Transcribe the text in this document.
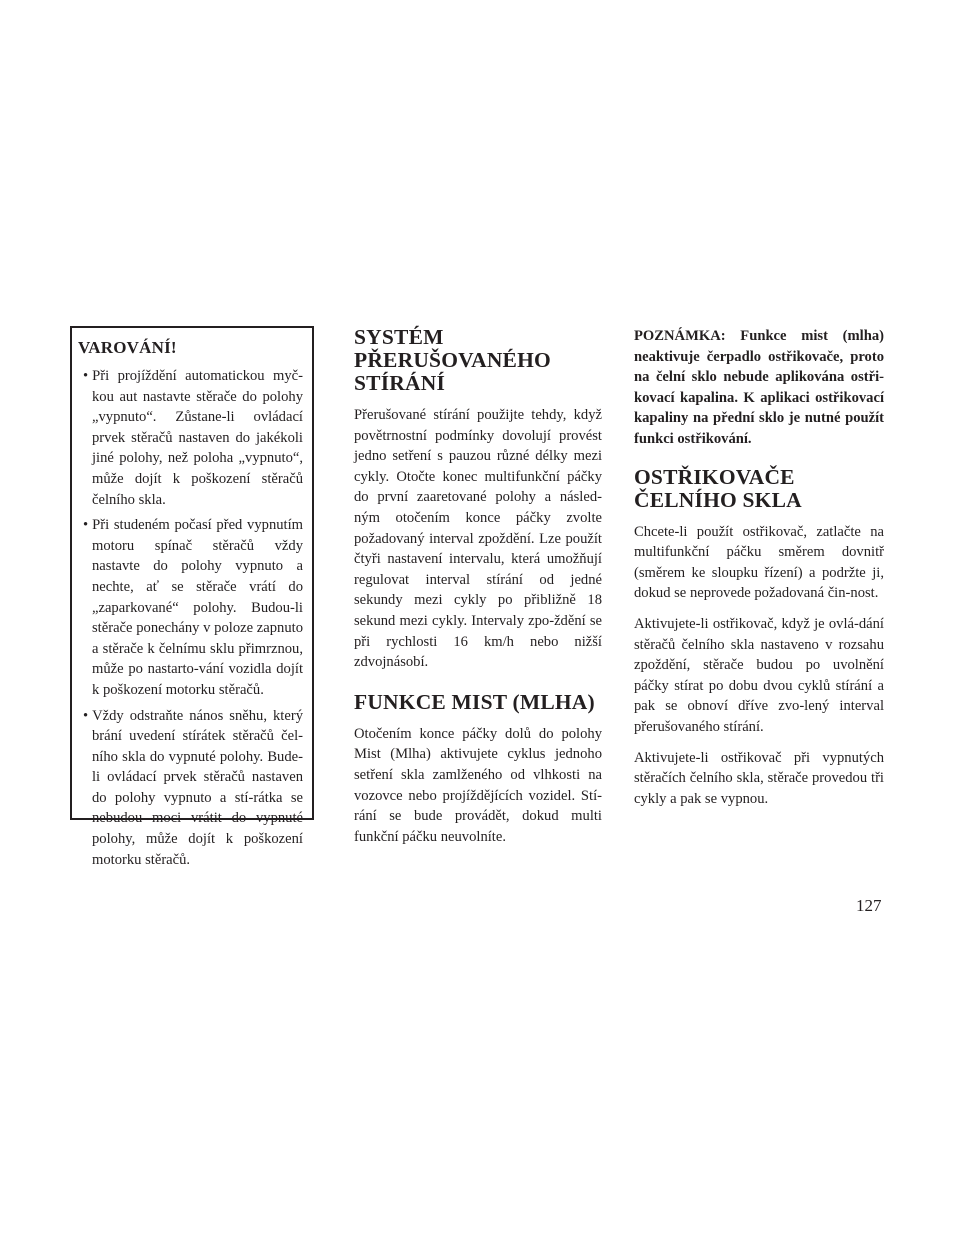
VAROVÁNÍ!
• Při projíždění automatickou myč-kou aut nastavte stěrače do polohy „vypnuto“. Zůstane-li ovládací prvek stěračů nastaven do jakékoli jiné polohy, než poloha „vypnuto“, může dojít k poškození stěračů čelního skla.
• Při studeném počasí před vypnutím motoru spínač stěračů vždy nastavte do polohy vypnuto a nechte, ať se stěrače vrátí do „zaparkované“ polohy. Budou-li stěrače ponechány v poloze zapnuto a stěrače k čelnímu sklu přimrznou, může po nastarto-vání vozidla dojít k poškození motorku stěračů.
• Vždy odstraňte nános sněhu, který brání uvedení stírátek stěračů čel-ního skla do vypnuté polohy. Bude-li ovládací prvek stěračů nastaven do polohy vypnuto a stí-rátka se nebudou moci vrátit do vypnuté polohy, může dojít k poškození motorku stěračů.
SYSTÉM PŘERUŠOVANÉHO STÍRÁNÍ

Přerušované stírání použijte tehdy, když povětrnostní podmínky dovolují provést jedno setření s pauzou různé délky mezi cykly. Otočte konec multifunkční páčky do první zaaretované polohy a násled-ným otočením konce páčky zvolte požadovaný interval zpoždění. Lze použít čtyři nastavení intervalu, která umožňují regulovat interval stírání od jedné sekundy mezi cykly po přibližně 18 sekund mezi cykly. Intervaly zpo-ždění se při rychlosti 16 km/h nebo nižší zdvojnásobí.

FUNKCE MIST (MLHA)

Otočením konce páčky dolů do polohy Mist (Mlha) aktivujete cyklus jednoho setření skla zamlženého od vlhkosti na vozovce nebo projíždějících vozidel. Stí-rání se bude provádět, dokud multi funkční páčku neuvolníte.

POZNÁMKA: Funkce mist (mlha) neaktivuje čerpadlo ostřikovače, proto na čelní sklo nebude aplikována ostři-kovací kapalina. K aplikaci ostřikovací kapaliny na přední sklo je nutné použít funkci ostřikování.

OSTŘIKOVAČE ČELNÍHO SKLA

Chcete-li použít ostřikovač, zatlačte na multifunkční páčku směrem dovnitř (směrem ke sloupku řízení) a podržte ji, dokud se neprovede požadovaná čin-nost.

Aktivujete-li ostřikovač, když je ovlá-dání stěračů čelního skla nastaveno v rozsahu zpoždění, stěrače budou po uvolnění páčky stírat po dobu dvou cyklů stírání a pak se obnoví dříve zvo-lený interval přerušovaného stírání.

Aktivujete-li ostřikovač při vypnutých stěračích čelního skla, stěrače provedou tři cykly a pak se vypnou.

127
